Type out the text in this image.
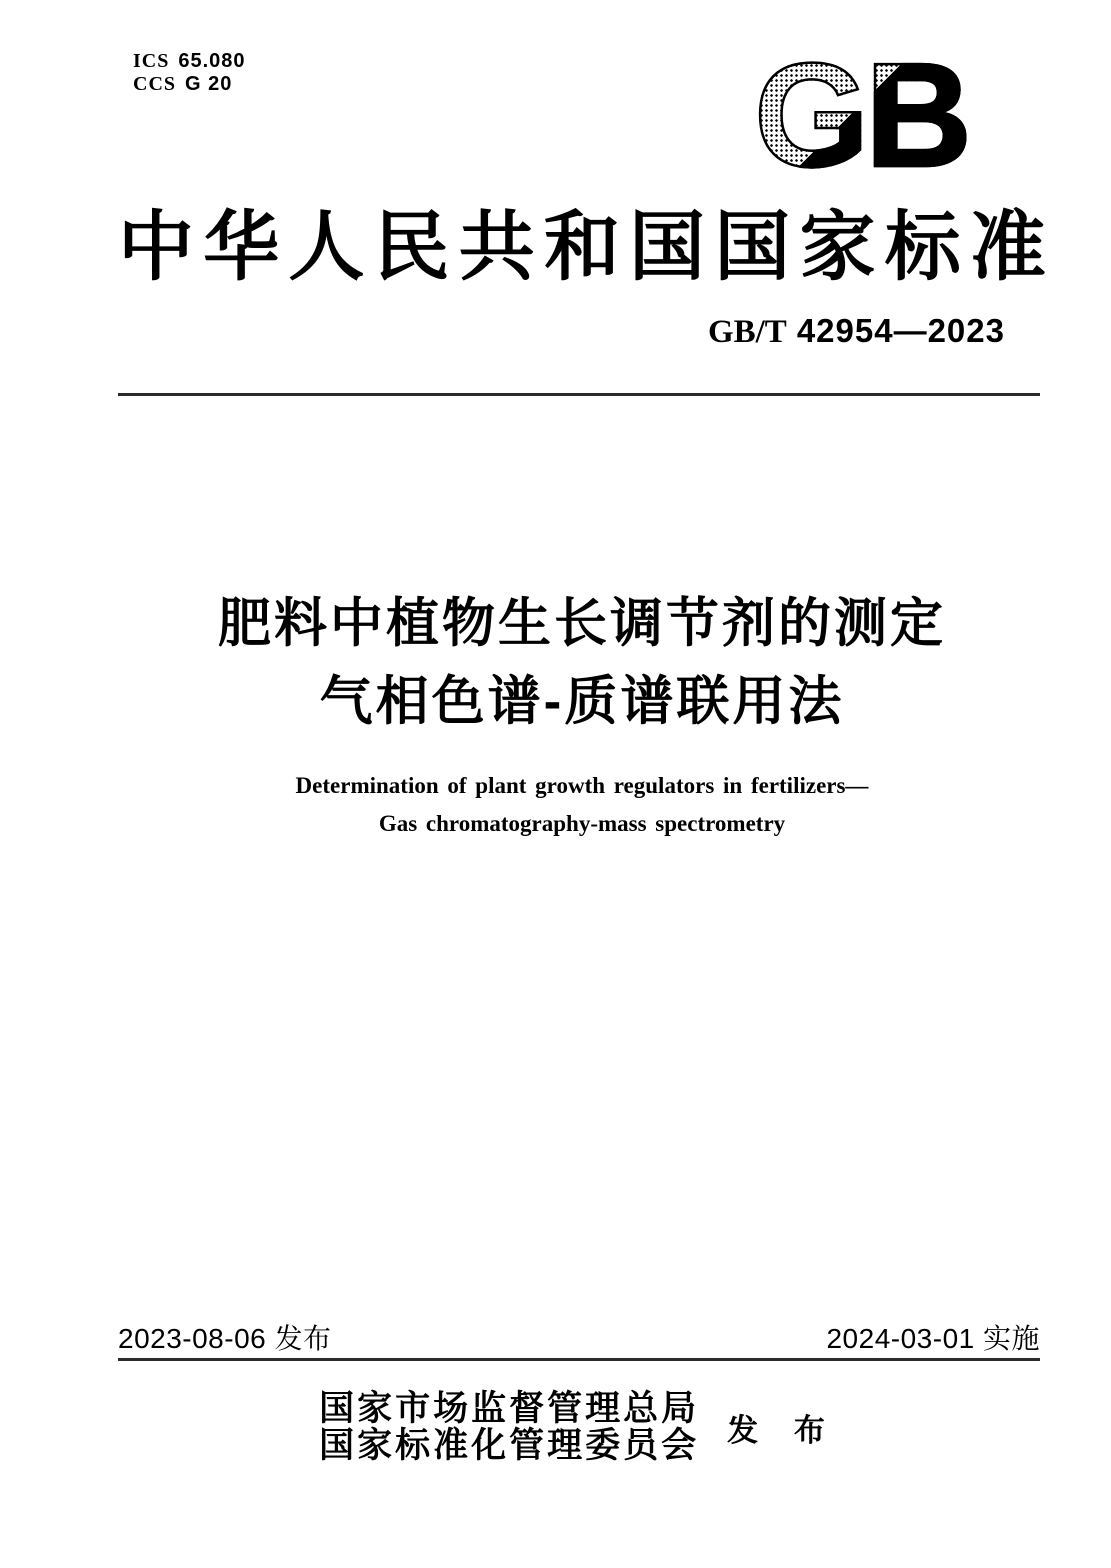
ICS 65.080
CCS G 20	GB
中 华 人 民 共 和 国 国 家 标 准
GB/T 42954—2023
肥料中植物生长调节剂的测定
气相色谱-质谱联用法
Determination of plant growth regulators in fertilizers—
Gas chromatography-mass spectrometry
2023-08-06 发布	2024-03-01 实施
国家市场监督管理总局
国家标准化管理委员会 发 布
